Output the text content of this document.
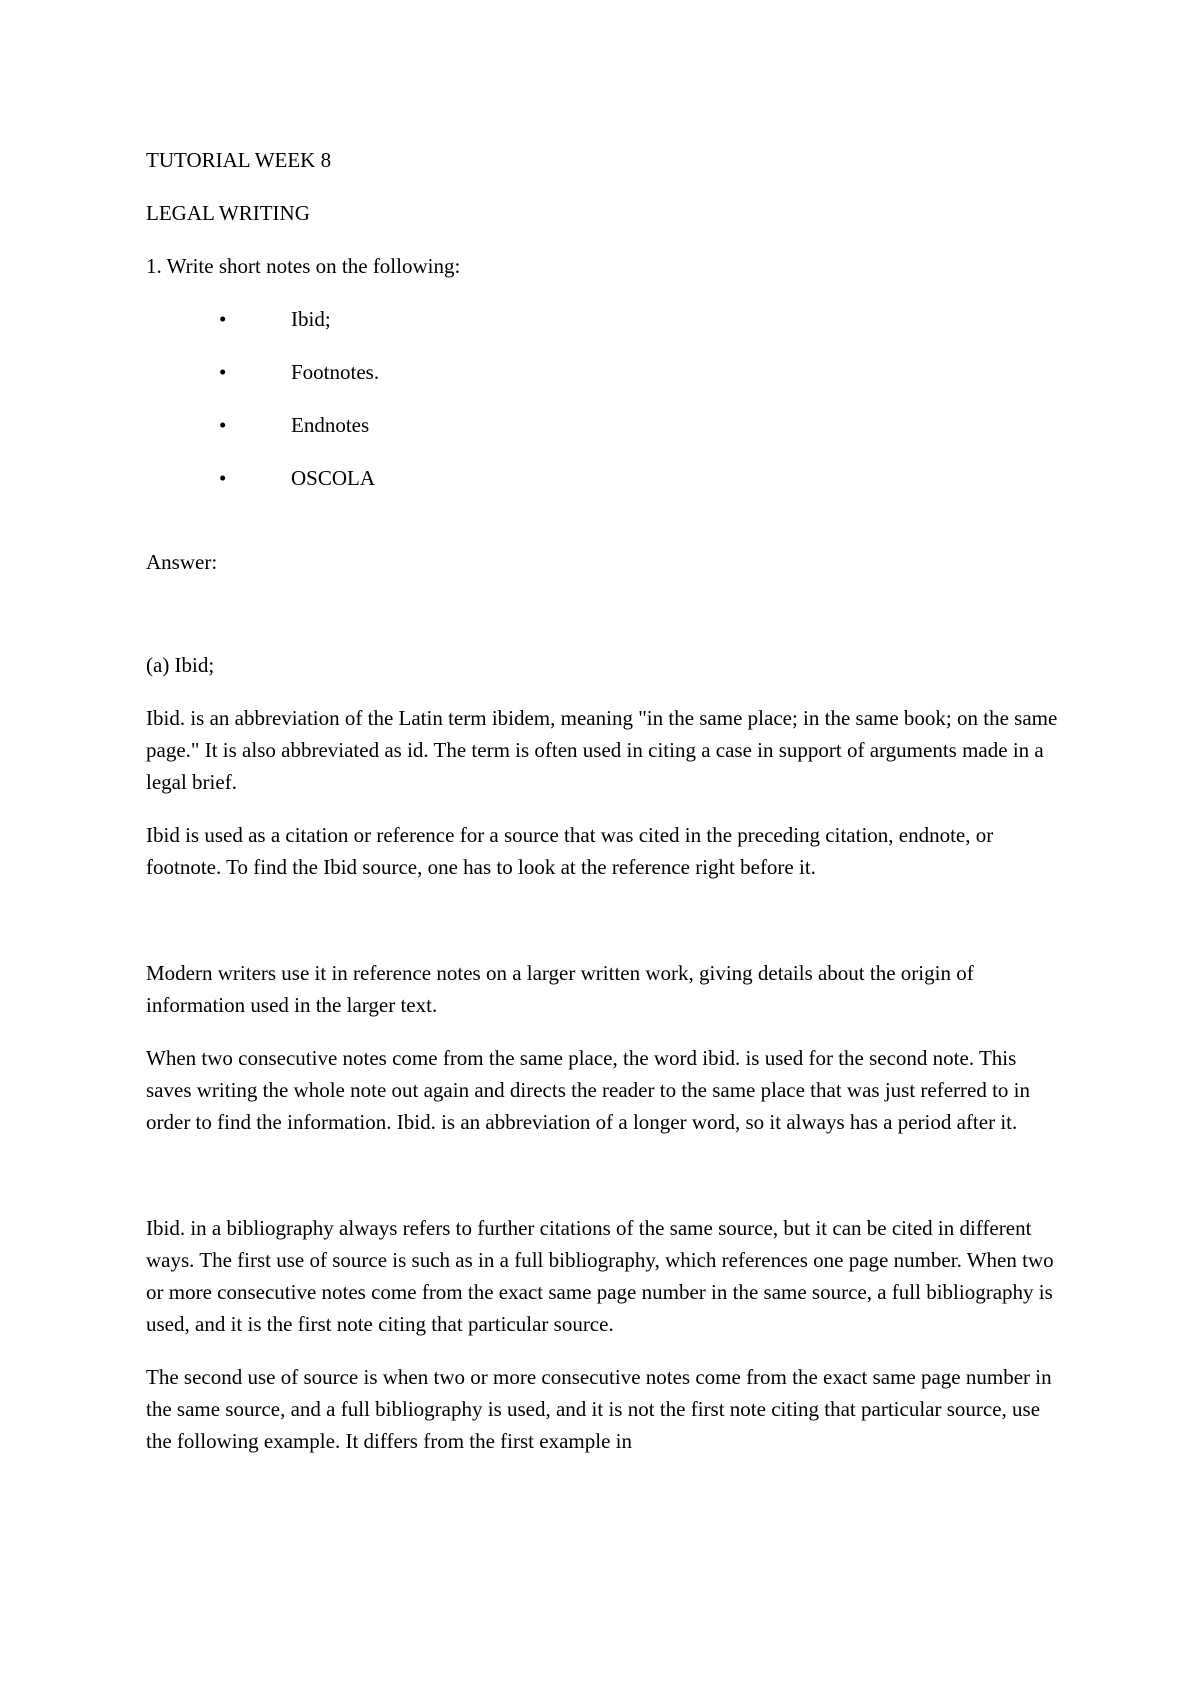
TUTORIAL WEEK 8

LEGAL WRITING

1. Write short notes on the following:

•	Ibid;
•	Footnotes.
•	Endnotes
•	OSCOLA

Answer:

(a) Ibid;

Ibid. is an abbreviation of the Latin term ibidem, meaning "in the same place; in the same book; on the same page." It is also abbreviated as id. The term is often used in citing a case in support of arguments made in a legal brief.

Ibid is used as a citation or reference for a source that was cited in the preceding citation, endnote, or footnote. To find the Ibid source, one has to look at the reference right before it.

Modern writers use it in reference notes on a larger written work, giving details about the origin of information used in the larger text.

When two consecutive notes come from the same place, the word ibid. is used for the second note. This saves writing the whole note out again and directs the reader to the same place that was just referred to in order to find the information. Ibid. is an abbreviation of a longer word, so it always has a period after it.

Ibid. in a bibliography always refers to further citations of the same source, but it can be cited in different ways. The first use of source is such as in a full bibliography, which references one page number. When two or more consecutive notes come from the exact same page number in the same source, a full bibliography is used, and it is the first note citing that particular source.

The second use of source is when two or more consecutive notes come from the exact same page number in the same source, and a full bibliography is used, and it is not the first note citing that particular source, use the following example. It differs from the first example in
